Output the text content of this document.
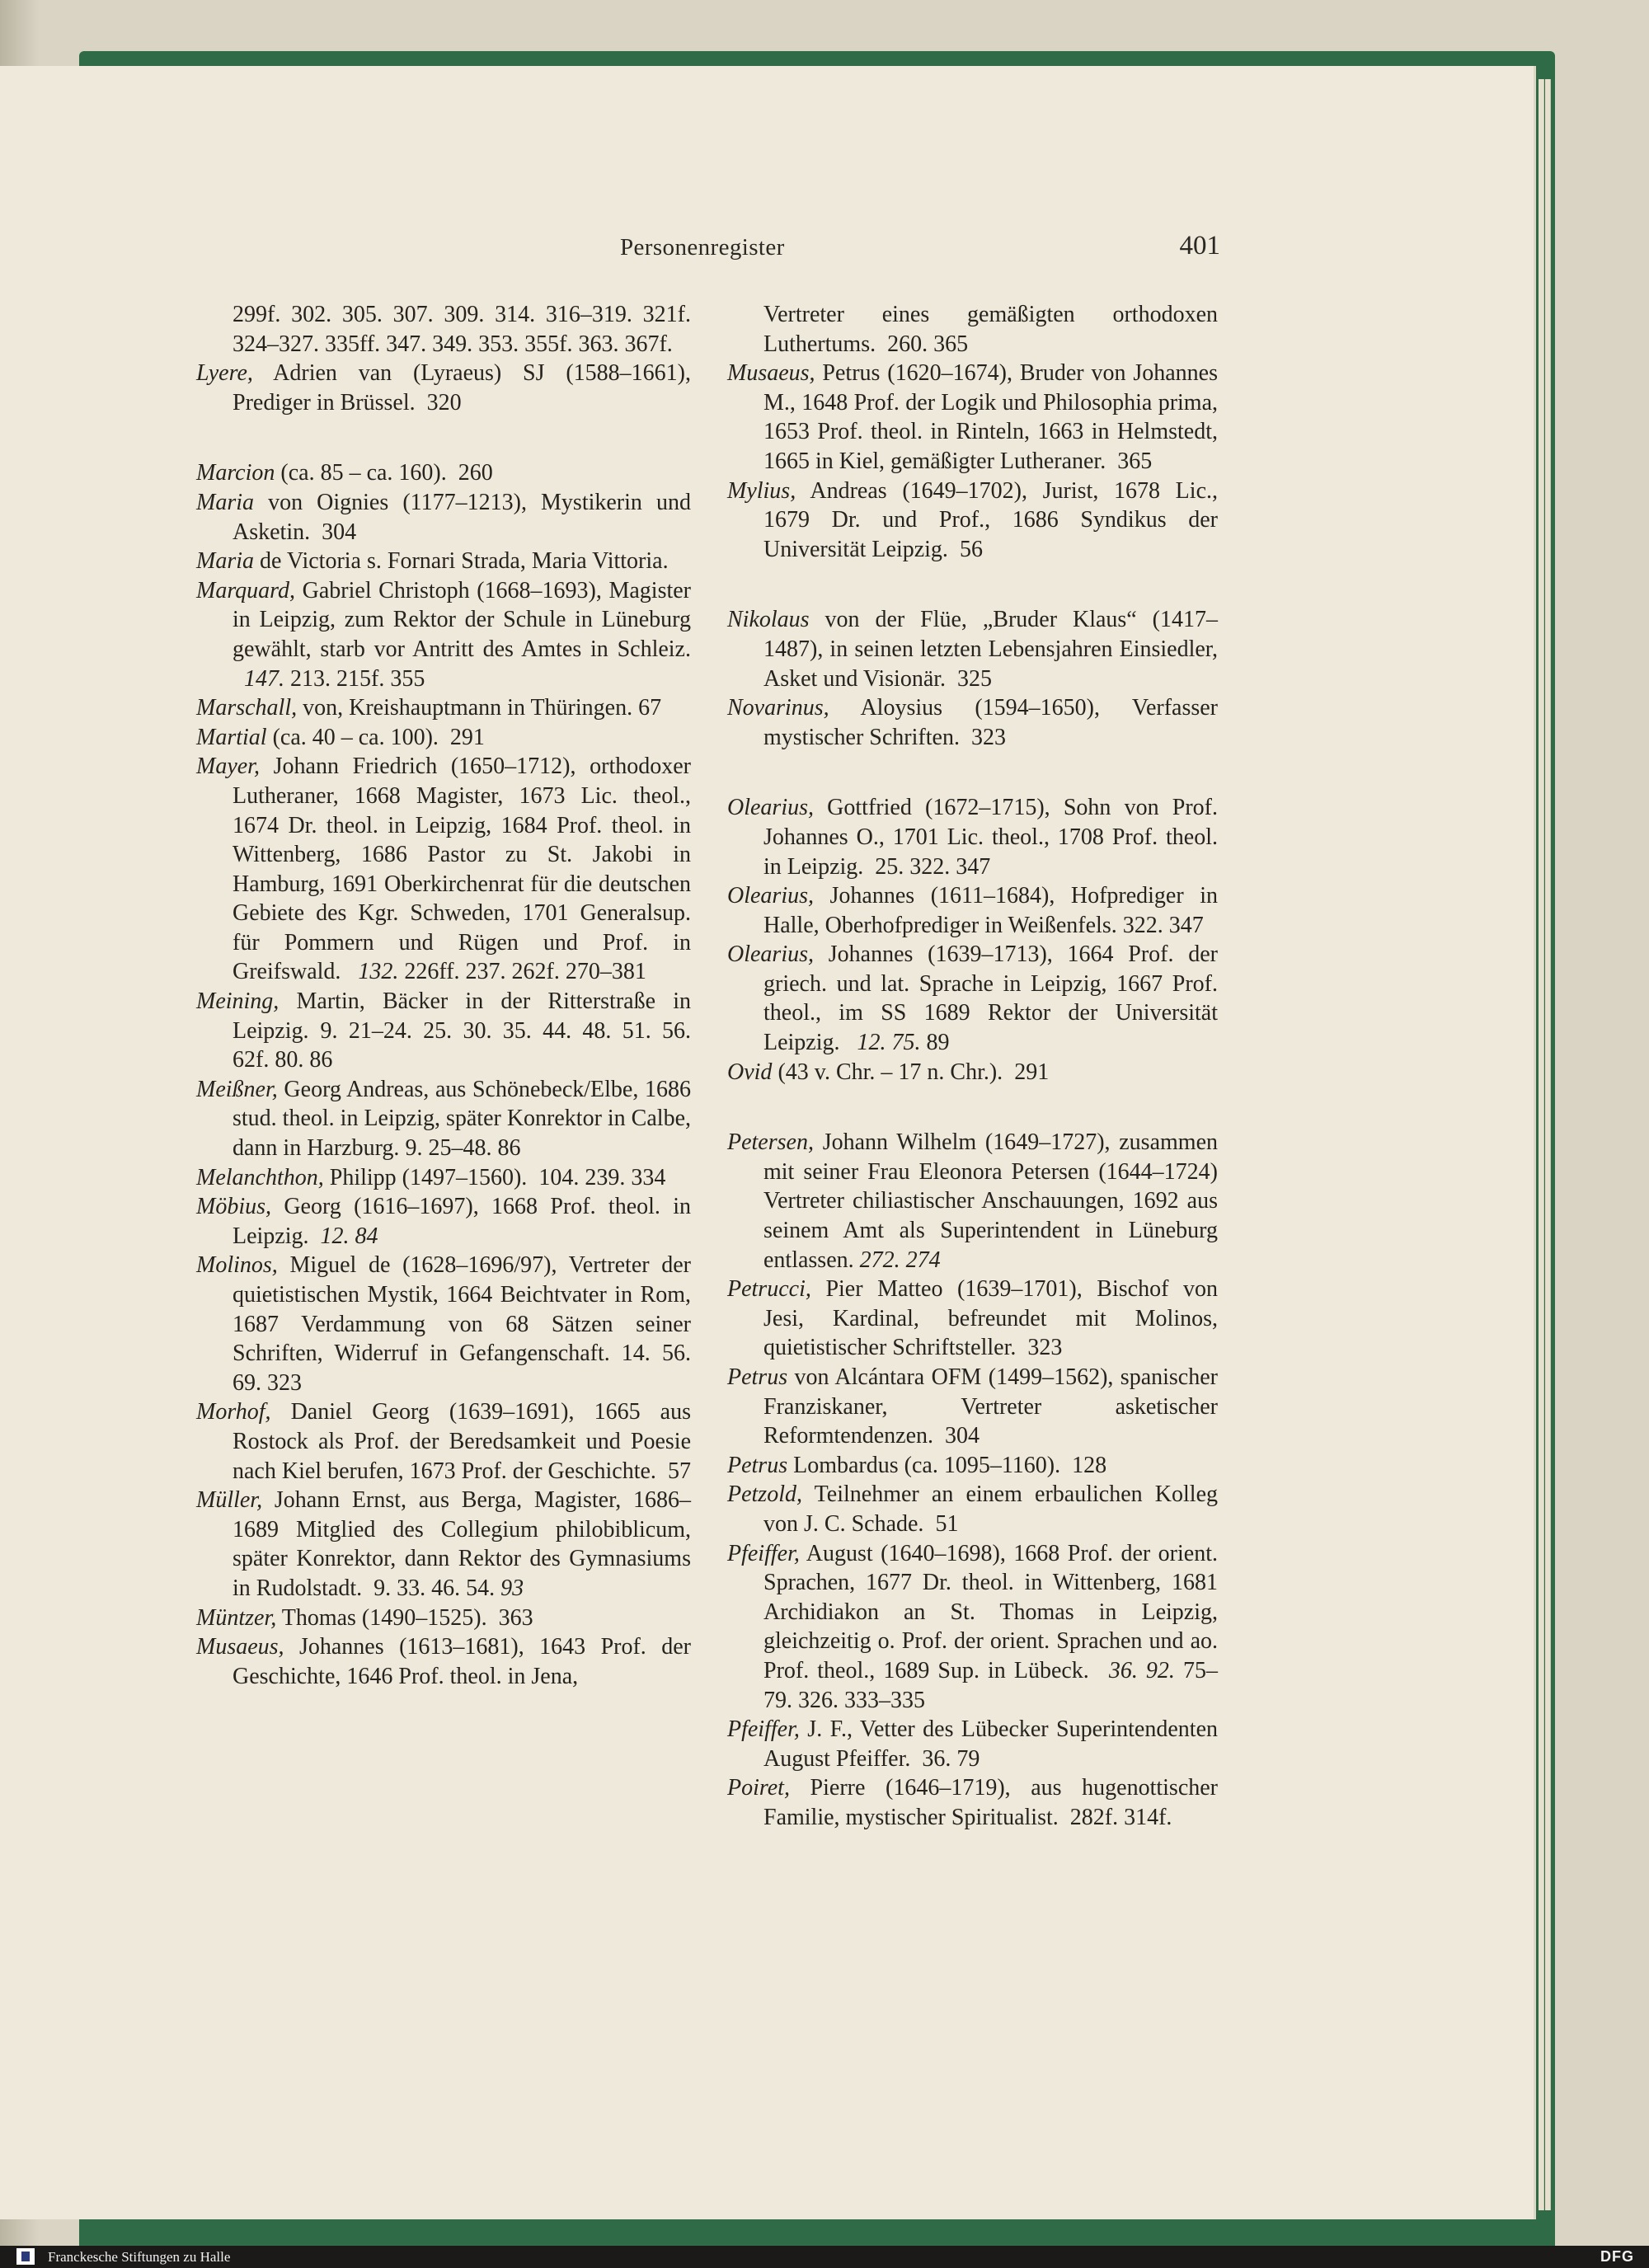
Personenregister	401

299f. 302. 305. 307. 309. 314. 316–319. 321f. 324–327. 335ff. 347. 349. 353. 355f. 363. 367f.

Lyere, Adrien van (Lyraeus) SJ (1588–1661), Prediger in Brüssel. 320

Marcion (ca. 85 – ca. 160). 260

Maria von Oignies (1177–1213), Mystikerin und Asketin. 304

Maria de Victoria s. Fornari Strada, Maria Vittoria.

Marquard, Gabriel Christoph (1668–1693), Magister in Leipzig, zum Rektor der Schule in Lüneburg gewählt, starb vor Antritt des Amtes in Schleiz. 147. 213. 215f. 355

Marschall, von, Kreishauptmann in Thüringen. 67

Martial (ca. 40 – ca. 100). 291

Mayer, Johann Friedrich (1650–1712), orthodoxer Lutheraner, 1668 Magister, 1673 Lic. theol., 1674 Dr. theol. in Leipzig, 1684 Prof. theol. in Wittenberg, 1686 Pastor zu St. Jakobi in Hamburg, 1691 Oberkirchenrat für die deutschen Gebiete des Kgr. Schweden, 1701 Generalsup. für Pommern und Rügen und Prof. in Greifswald. 132. 226ff. 237. 262f. 270–381

Meining, Martin, Bäcker in der Ritterstraße in Leipzig. 9. 21–24. 25. 30. 35. 44. 48. 51. 56. 62f. 80. 86

Meißner, Georg Andreas, aus Schönebeck/Elbe, 1686 stud. theol. in Leipzig, später Konrektor in Calbe, dann in Harzburg. 9. 25–48. 86

Melanchthon, Philipp (1497–1560). 104. 239. 334

Möbius, Georg (1616–1697), 1668 Prof. theol. in Leipzig. 12. 84

Molinos, Miguel de (1628–1696/97), Vertreter der quietistischen Mystik, 1664 Beichtvater in Rom, 1687 Verdammung von 68 Sätzen seiner Schriften, Widerruf in Gefangenschaft. 14. 56. 69. 323

Morhof, Daniel Georg (1639–1691), 1665 aus Rostock als Prof. der Beredsamkeit und Poesie nach Kiel berufen, 1673 Prof. der Geschichte. 57

Müller, Johann Ernst, aus Berga, Magister, 1686–1689 Mitglied des Collegium philobiblicum, später Konrektor, dann Rektor des Gymnasiums in Rudolstadt. 9. 33. 46. 54. 93

Müntzer, Thomas (1490–1525). 363

Musaeus, Johannes (1613–1681), 1643 Prof. der Geschichte, 1646 Prof. theol. in Jena,

Vertreter eines gemäßigten orthodoxen Luthertums. 260. 365

Musaeus, Petrus (1620–1674), Bruder von Johannes M., 1648 Prof. der Logik und Philosophia prima, 1653 Prof. theol. in Rinteln, 1663 in Helmstedt, 1665 in Kiel, gemäßigter Lutheraner. 365

Mylius, Andreas (1649–1702), Jurist, 1678 Lic., 1679 Dr. und Prof., 1686 Syndikus der Universität Leipzig. 56

Nikolaus von der Flüe, „Bruder Klaus“ (1417–1487), in seinen letzten Lebensjahren Einsiedler, Asket und Visionär. 325

Novarinus, Aloysius (1594–1650), Verfasser mystischer Schriften. 323

Olearius, Gottfried (1672–1715), Sohn von Prof. Johannes O., 1701 Lic. theol., 1708 Prof. theol. in Leipzig. 25. 322. 347

Olearius, Johannes (1611–1684), Hofprediger in Halle, Oberhofprediger in Weißenfels. 322. 347

Olearius, Johannes (1639–1713), 1664 Prof. der griech. und lat. Sprache in Leipzig, 1667 Prof. theol., im SS 1689 Rektor der Universität Leipzig. 12. 75. 89

Ovid (43 v. Chr. – 17 n. Chr.). 291

Petersen, Johann Wilhelm (1649–1727), zusammen mit seiner Frau Eleonora Petersen (1644–1724) Vertreter chiliastischer Anschauungen, 1692 aus seinem Amt als Superintendent in Lüneburg entlassen. 272. 274

Petrucci, Pier Matteo (1639–1701), Bischof von Jesi, Kardinal, befreundet mit Molinos, quietistischer Schriftsteller. 323

Petrus von Alcántara OFM (1499–1562), spanischer Franziskaner, Vertreter asketischer Reformtendenzen. 304

Petrus Lombardus (ca. 1095–1160). 128

Petzold, Teilnehmer an einem erbaulichen Kolleg von J. C. Schade. 51

Pfeiffer, August (1640–1698), 1668 Prof. der orient. Sprachen, 1677 Dr. theol. in Wittenberg, 1681 Archidiakon an St. Thomas in Leipzig, gleichzeitig o. Prof. der orient. Sprachen und ao. Prof. theol., 1689 Sup. in Lübeck. 36. 92. 75–79. 326. 333–335

Pfeiffer, J. F., Vetter des Lübecker Superintendenten August Pfeiffer. 36. 79

Poiret, Pierre (1646–1719), aus hugenottischer Familie, mystischer Spiritualist. 282f. 314f.

Franckesche Stiftungen zu Halle	DFG
